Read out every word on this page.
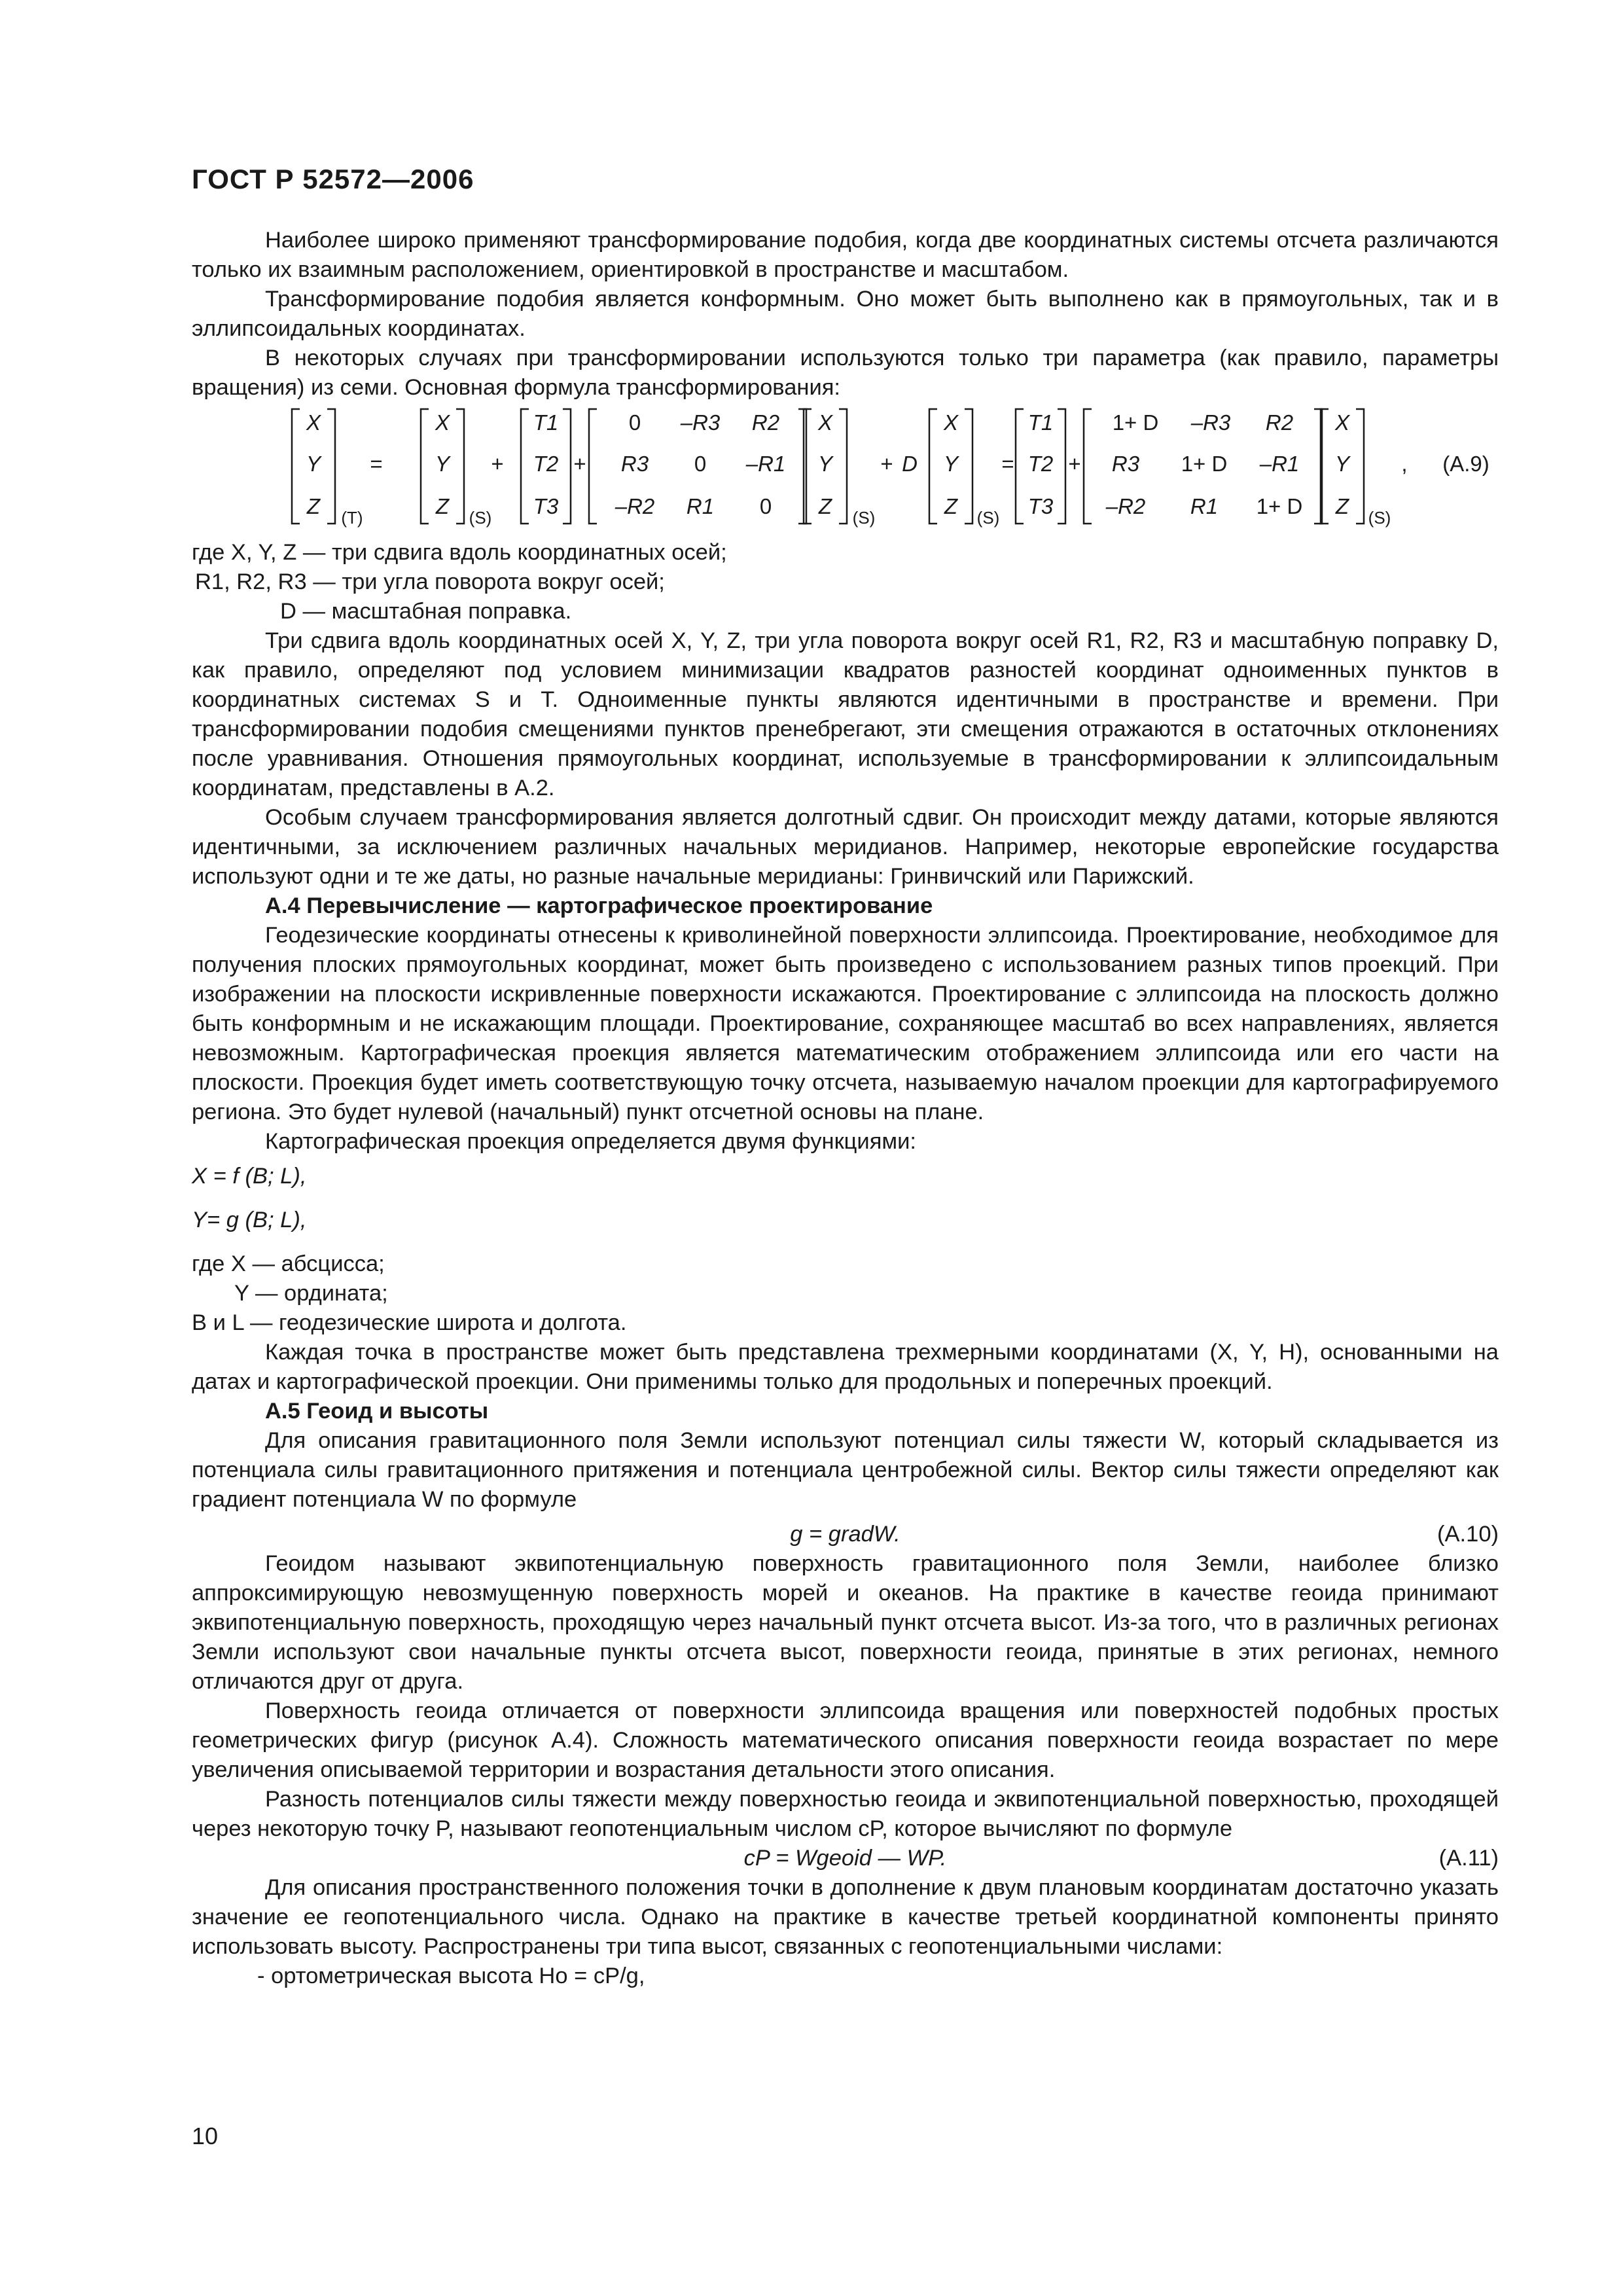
ГОСТ Р 52572—2006

Наиболее широко применяют трансформирование подобия, когда две координатных системы отсчета различаются только их взаимным расположением, ориентировкой в пространстве и масштабом.

Трансформирование подобия является конформным. Оно может быть выполнено как в прямоугольных, так и в эллипсоидальных координатах.

В некоторых случаях при трансформировании используются только три параметра (как правило, параметры вращения) из семи. Основная формула трансформирования:

X
Y
Z (T)
=
X
Y
Z (S)
+
T1
T2
T3
+
0 –R3 R2
R3 0 –R1
–R2 R1 0
X
Y
Z (S)
+ D
X
Y
Z (S)
=
T1
T2
T3
+
1+ D –R3 R2
R3 1+ D –R1
–R2 R1 1+ D
X
Y
Z (S)
, (А.9)

где X, Y, Z — три сдвига вдоль координатных осей;

R1, R2, R3 — три угла поворота вокруг осей;

D — масштабная поправка.

Три сдвига вдоль координатных осей X, Y, Z, три угла поворота вокруг осей R1, R2, R3 и масштабную поправку D, как правило, определяют под условием минимизации квадратов разностей координат одноименных пунктов в координатных системах S и T. Одноименные пункты являются идентичными в пространстве и времени. При трансформировании подобия смещениями пунктов пренебрегают, эти смещения отражаются в остаточных отклонениях после уравнивания. Отношения прямоугольных координат, используемые в трансформировании к эллипсоидальным координатам, представлены в А.2.

Особым случаем трансформирования является долготный сдвиг. Он происходит между датами, которые являются идентичными, за исключением различных начальных меридианов. Например, некоторые европейские государства используют одни и те же даты, но разные начальные меридианы: Гринвичский или Парижский.

А.4 Перевычисление — картографическое проектирование

Геодезические координаты отнесены к криволинейной поверхности эллипсоида. Проектирование, необходимое для получения плоских прямоугольных координат, может быть произведено с использованием разных типов проекций. При изображении на плоскости искривленные поверхности искажаются. Проектирование с эллипсоида на плоскость должно быть конформным и не искажающим площади. Проектирование, сохраняющее масштаб во всех направлениях, является невозможным. Картографическая проекция является математическим отображением эллипсоида или его части на плоскости. Проекция будет иметь соответствующую точку отсчета, называемую началом проекции для картографируемого региона. Это будет нулевой (начальный) пункт отсчетной основы на плане.

Картографическая проекция определяется двумя функциями:

X = f (B; L),

Y= g (B; L),

где X — абсцисса;

Y — ордината;

B и L — геодезические широта и долгота.

Каждая точка в пространстве может быть представлена трехмерными координатами (X, Y, H), основанными на датах и картографической проекции. Они применимы только для продольных и поперечных проекций.

А.5 Геоид и высоты

Для описания гравитационного поля Земли используют потенциал силы тяжести W, который складывается из потенциала силы гравитационного притяжения и потенциала центробежной силы. Вектор силы тяжести определяют как градиент потенциала W по формуле

g = gradW.	(А.10)

Геоидом называют эквипотенциальную поверхность гравитационного поля Земли, наиболее близко аппроксимирующую невозмущенную поверхность морей и океанов. На практике в качестве геоида принимают эквипотенциальную поверхность, проходящую через начальный пункт отсчета высот. Из-за того, что в различных регионах Земли используют свои начальные пункты отсчета высот, поверхности геоида, принятые в этих регионах, немного отличаются друг от друга.

Поверхность геоида отличается от поверхности эллипсоида вращения или поверхностей подобных простых геометрических фигур (рисунок А.4). Сложность математического описания поверхности геоида возрастает по мере увеличения описываемой территории и возрастания детальности этого описания.

Разность потенциалов силы тяжести между поверхностью геоида и эквипотенциальной поверхностью, проходящей через некоторую точку P, называют геопотенциальным числом cP, которое вычисляют по формуле

cP = Wgeoid — WP.	(А.11)

Для описания пространственного положения точки в дополнение к двум плановым координатам достаточно указать значение ее геопотенциального числа. Однако на практике в качестве третьей координатной компоненты принято использовать высоту. Распространены три типа высот, связанных с геопотенциальными числами:

- ортометрическая высота Ho = cP/g,

10
